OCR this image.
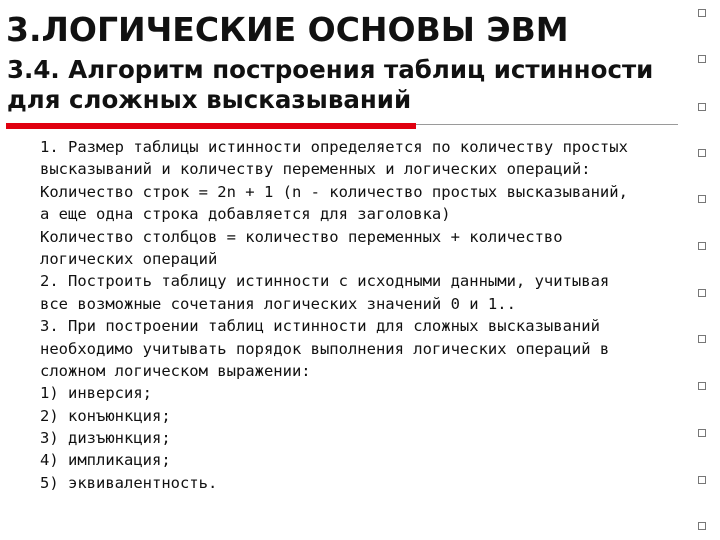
3.ЛОГИЧЕСКИЕ ОСНОВЫ ЭВМ
3.4. Алгоритм построения таблиц истинности
для сложных высказываний
1. Размер таблицы истинности определяется по количеству простых
высказываний и количеству переменных и логических операций:
Количество строк = 2n + 1 (n - количество простых высказываний,
а еще одна строка добавляется для заголовка)
Количество столбцов = количество переменных + количество
логических операций
2. Построить таблицу истинности с исходными данными, учитывая
все возможные сочетания логических значений 0 и 1..
3. При построении таблиц истинности для сложных высказываний
необходимо учитывать порядок выполнения логических операций в
сложном логическом выражении:
1) инверсия;
2) конъюнкция;
3) дизъюнкция;
4) импликация;
5) эквивалентность.
